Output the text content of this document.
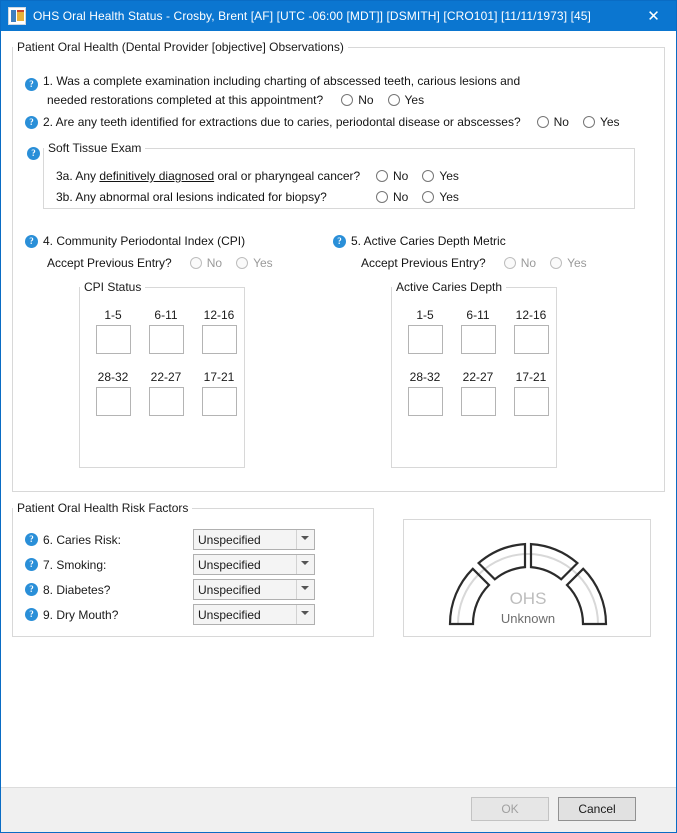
OHS Oral Health Status - Crosby, Brent [AF] [UTC -06:00 [MDT]] [DSMITH] [CRO101] [11/11/1973] [45]	✕
Patient Oral Health (Dental Provider [objective] Observations)
? 1. Was a complete examination including charting of abscessed teeth, carious lesions and
needed restorations completed at this appointment?	No	Yes
? 2. Are any teeth identified for extractions due to caries, periodontal disease or abscesses?	No	Yes
?	Soft Tissue Exam
3a. Any definitively diagnosed oral or pharyngeal cancer?	No	Yes
3b. Any abnormal oral lesions indicated for biopsy?	No	Yes
? 4. Community Periodontal Index (CPI)
Accept Previous Entry?	No	Yes
CPI Status
1-5	6-11	12-16
28-32	22-27	17-21
? 5. Active Caries Depth Metric
Accept Previous Entry?	No	Yes
Active Caries Depth
1-5	6-11	12-16
28-32	22-27	17-21
Patient Oral Health Risk Factors
? 6. Caries Risk:
Unspecified
? 7. Smoking:
Unspecified
? 8. Diabetes?
Unspecified
? 9. Dry Mouth?
Unspecified
OHS
Unknown
OK	Cancel
